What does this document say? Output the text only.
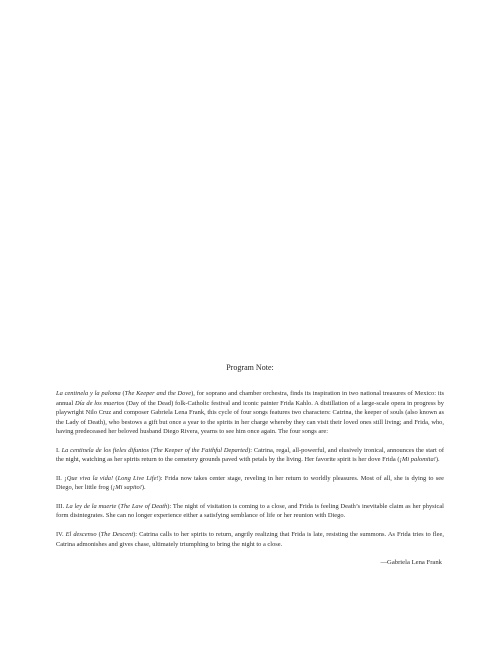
Program Note:

La centinela y la paloma (The Keeper and the Dove), for soprano and chamber orchestra, finds its inspiration in two national treasures of Mexico: its annual Día de los muertos (Day of the Dead) folk-Catholic festival and iconic painter Frida Kahlo. A distillation of a large-scale opera in progress by playwright Nilo Cruz and composer Gabriela Lena Frank, this cycle of four songs features two characters: Catrina, the keeper of souls (also known as the Lady of Death), who bestows a gift but once a year to the spirits in her charge whereby they can visit their loved ones still living; and Frida, who, having predeceased her beloved husband Diego Rivera, yearns to see him once again. The four songs are:

I. La centinela de los fieles difuntos (The Keeper of the Faithful Departed): Catrina, regal, all-powerful, and elusively ironical, announces the start of the night, watching as her spirits return to the cemetery grounds paved with petals by the living. Her favorite spirit is her dove Frida (¡Mi palomita!).

II. ¡Que viva la vida! (Long Live Life!): Frida now takes center stage, reveling in her return to worldly pleasures. Most of all, she is dying to see Diego, her little frog (¡Mi sapito!).

III. La ley de la muerte (The Law of Death): The night of visitation is coming to a close, and Frida is feeling Death’s inevitable claim as her physical form disintegrates. She can no longer experience either a satisfying semblance of life or her reunion with Diego.

IV. El descenso (The Descent): Catrina calls to her spirits to return, angrily realizing that Frida is late, resisting the summons. As Frida tries to flee, Catrina admonishes and gives chase, ultimately triumphing to bring the night to a close.

—Gabriela Lena Frank
